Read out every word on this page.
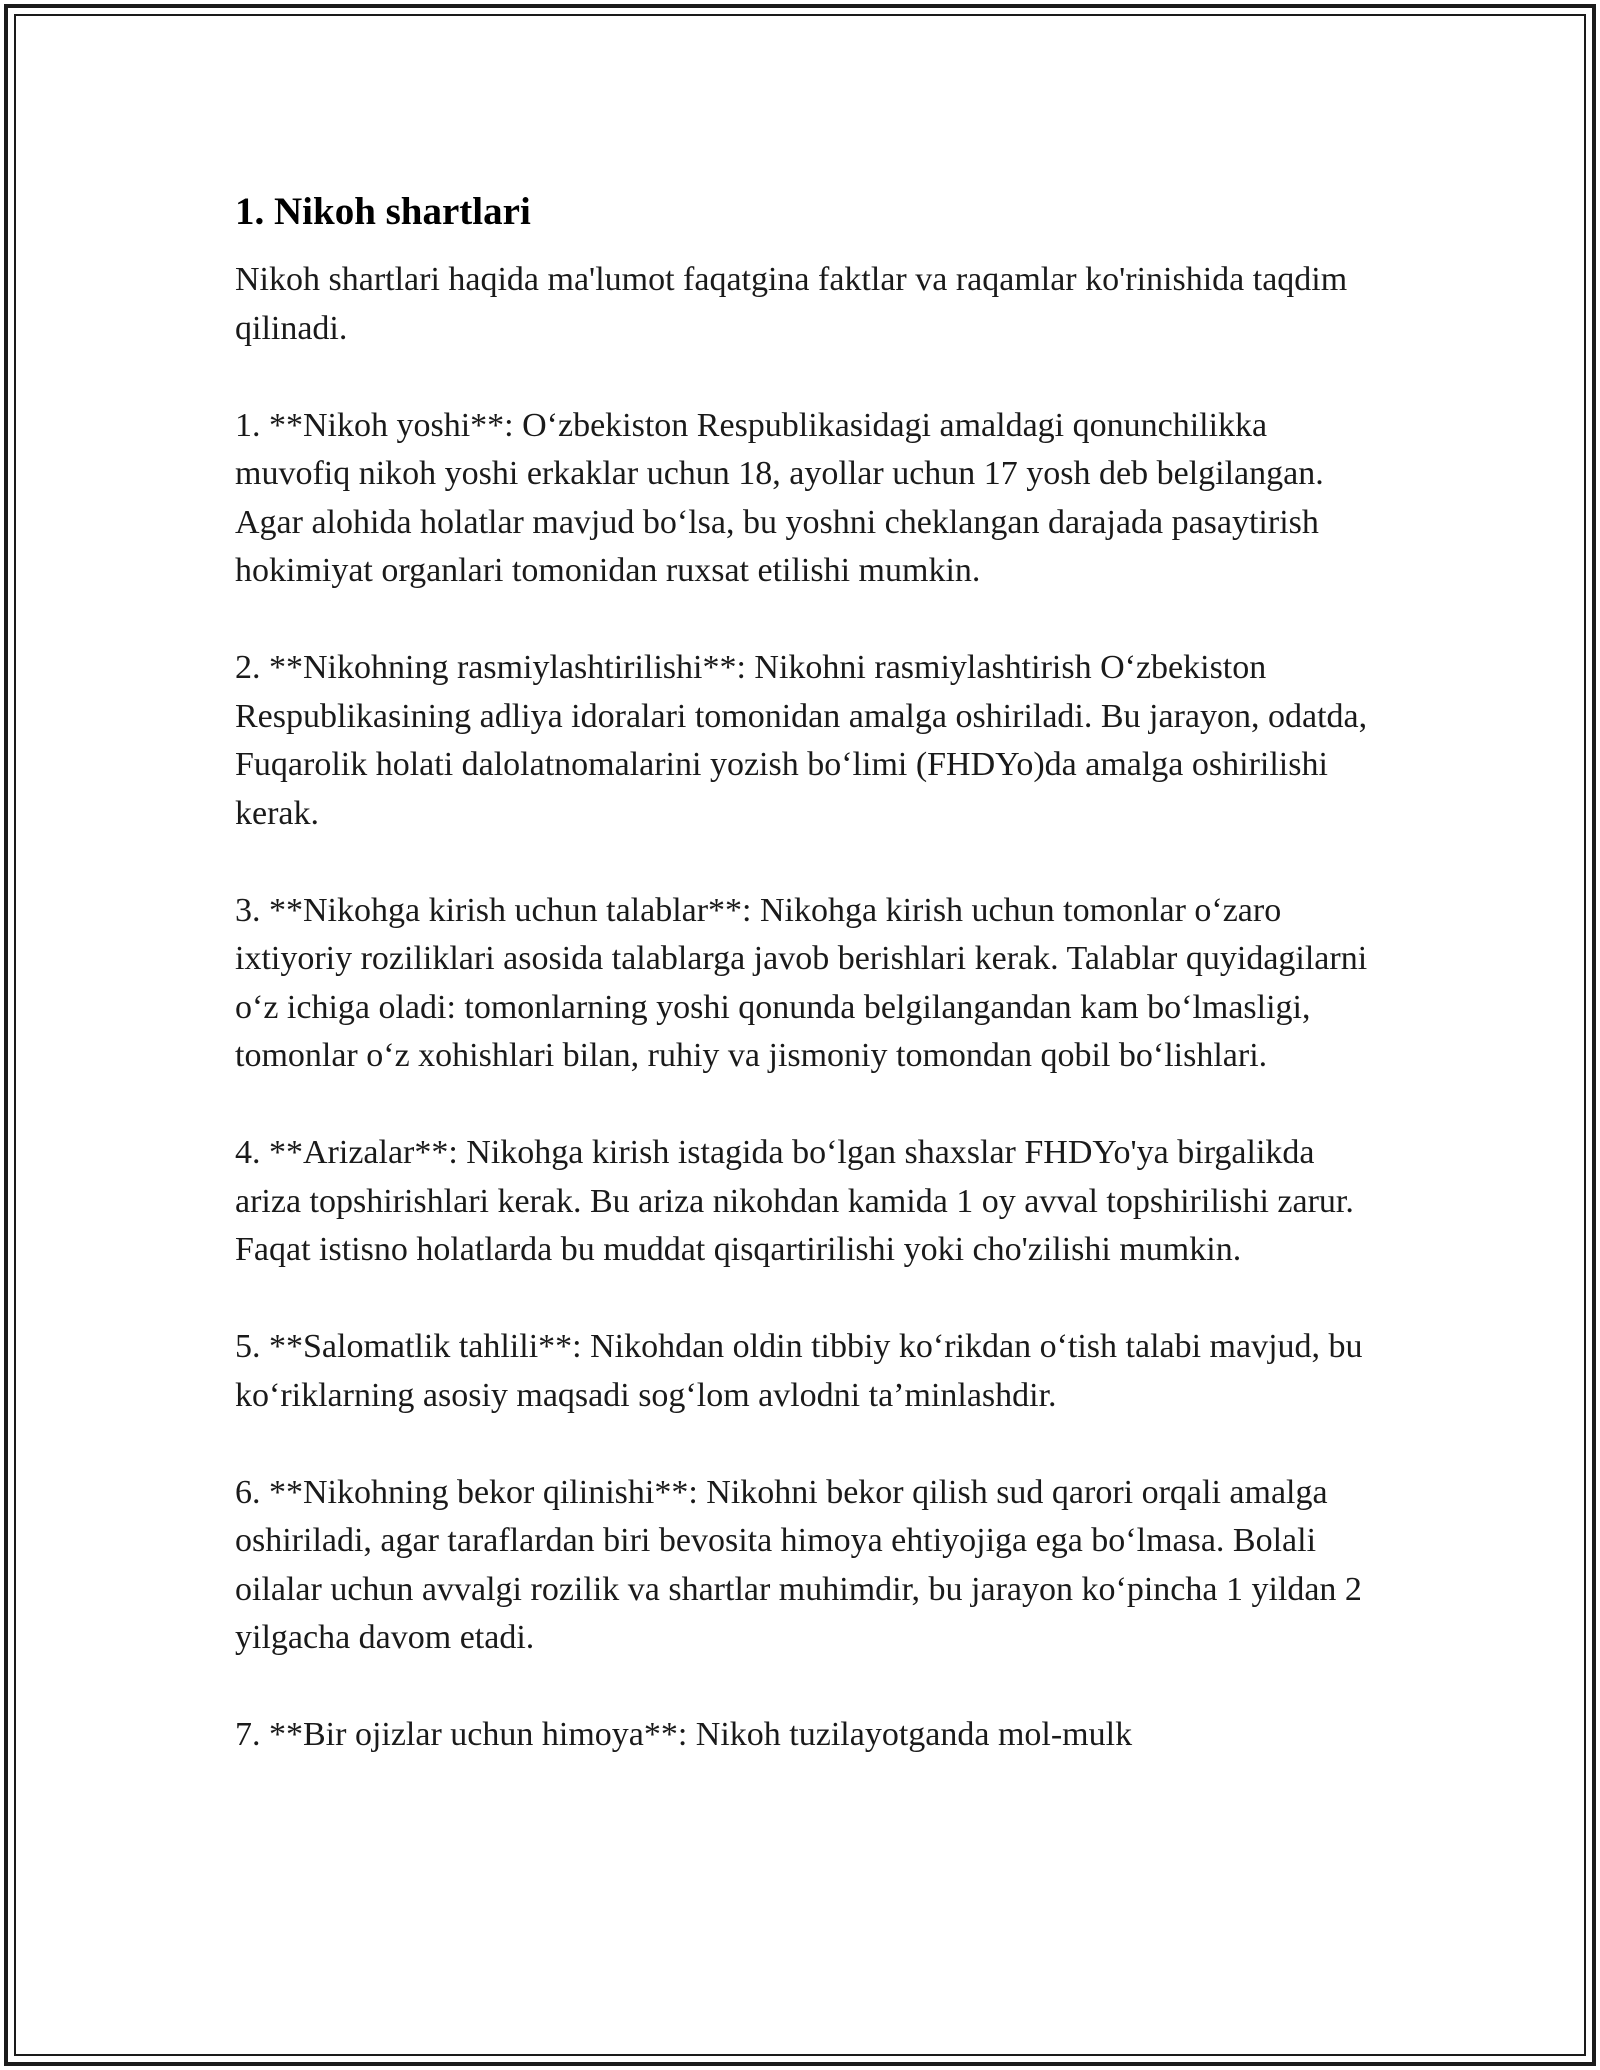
1. Nikoh shartlari

Nikoh shartlari haqida ma'lumot faqatgina faktlar va raqamlar ko'rinishida taqdim qilinadi.

1. **Nikoh yoshi**: O‘zbekiston Respublikasidagi amaldagi qonunchilikka muvofiq nikoh yoshi erkaklar uchun 18, ayollar uchun 17 yosh deb belgilangan. Agar alohida holatlar mavjud bo‘lsa, bu yoshni cheklangan darajada pasaytirish hokimiyat organlari tomonidan ruxsat etilishi mumkin.

2. **Nikohning rasmiylashtirilishi**: Nikohni rasmiylashtirish O‘zbekiston Respublikasining adliya idoralari tomonidan amalga oshiriladi. Bu jarayon, odatda, Fuqarolik holati dalolatnomalarini yozish bo‘limi (FHDYo)da amalga oshirilishi kerak.

3. **Nikohga kirish uchun talablar**: Nikohga kirish uchun tomonlar o‘zaro ixtiyoriy roziliklari asosida talablarga javob berishlari kerak. Talablar quyidagilarni o‘z ichiga oladi: tomonlarning yoshi qonunda belgilangandan kam bo‘lmasligi, tomonlar o‘z xohishlari bilan, ruhiy va jismoniy tomondan qobil bo‘lishlari.

4. **Arizalar**: Nikohga kirish istagida bo‘lgan shaxslar FHDYo'ya birgalikda ariza topshirishlari kerak. Bu ariza nikohdan kamida 1 oy avval topshirilishi zarur. Faqat istisno holatlarda bu muddat qisqartirilishi yoki cho'zilishi mumkin.

5. **Salomatlik tahlili**: Nikohdan oldin tibbiy ko‘rikdan o‘tish talabi mavjud, bu ko‘riklarning asosiy maqsadi sog‘lom avlodni ta’minlashdir.

6. **Nikohning bekor qilinishi**: Nikohni bekor qilish sud qarori orqali amalga oshiriladi, agar taraflardan biri bevosita himoya ehtiyojiga ega bo‘lmasa. Bolali oilalar uchun avvalgi rozilik va shartlar muhimdir, bu jarayon ko‘pincha 1 yildan 2 yilgacha davom etadi.

7. **Bir ojizlar uchun himoya**: Nikoh tuzilayotganda mol-mulk
